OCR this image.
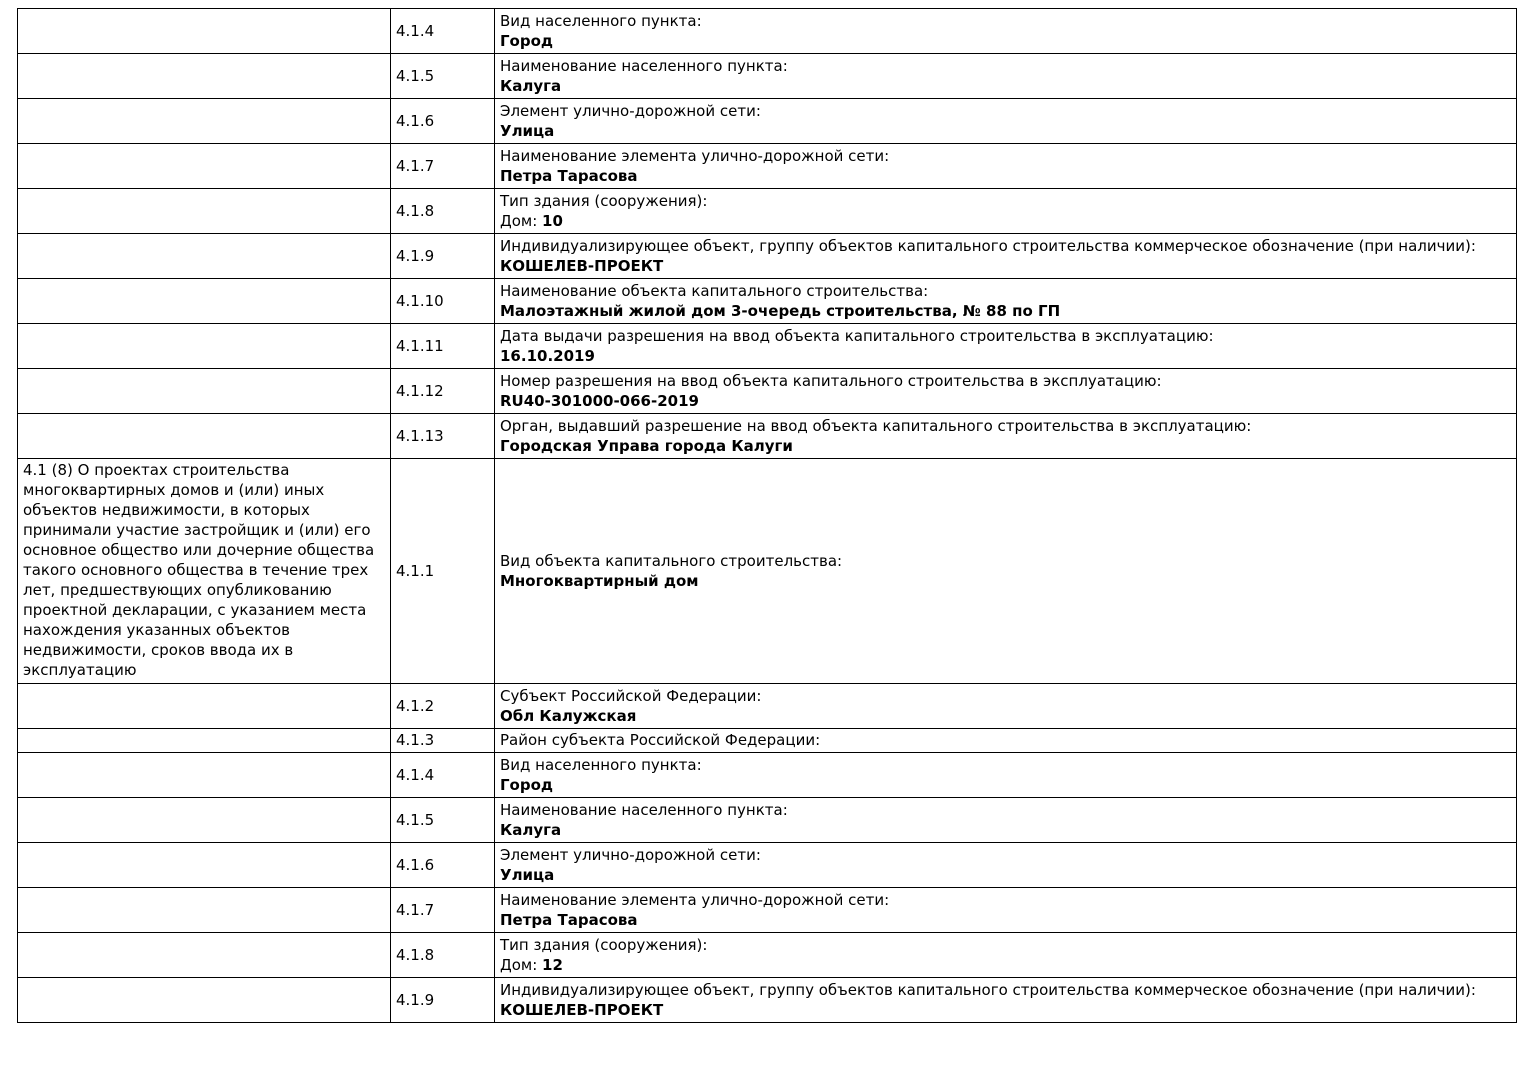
	4.1.4	Вид населенного пункта:
Город

	4.1.5	Наименование населенного пункта:
Калуга

	4.1.6	Элемент улично-дорожной сети:
Улица

	4.1.7	Наименование элемента улично-дорожной сети:
Петра Тарасова

	4.1.8	Тип здания (сооружения):
Дом: 10

	4.1.9	Индивидуализирующее объект, группу объектов капитального строительства коммерческое обозначение (при наличии):
КОШЕЛЕВ-ПРОЕКТ

	4.1.10	Наименование объекта капитального строительства:
Малоэтажный жилой дом 3-очередь строительства, № 88 по ГП

	4.1.11	Дата выдачи разрешения на ввод объекта капитального строительства в эксплуатацию:
16.10.2019

	4.1.12	Номер разрешения на ввод объекта капитального строительства в эксплуатацию:
RU40-301000-066-2019

	4.1.13	Орган, выдавший разрешение на ввод объекта капитального строительства в эксплуатацию:
Городская Управа города Калуги

4.1 (8) О проектах строительства многоквартирных домов и (или) иных объектов недвижимости, в которых принимали участие застройщик и (или) его основное общество или дочерние общества такого основного общества в течение трех лет, предшествующих опубликованию проектной декларации, с указанием места нахождения указанных объектов недвижимости, сроков ввода их в эксплуатацию	4.1.1	Вид объекта капитального строительства:
Многоквартирный дом

	4.1.2	Субъект Российской Федерации:
Обл Калужская

	4.1.3	Район субъекта Российской Федерации:

	4.1.4	Вид населенного пункта:
Город

	4.1.5	Наименование населенного пункта:
Калуга

	4.1.6	Элемент улично-дорожной сети:
Улица

	4.1.7	Наименование элемента улично-дорожной сети:
Петра Тарасова

	4.1.8	Тип здания (сооружения):
Дом: 12

	4.1.9	Индивидуализирующее объект, группу объектов капитального строительства коммерческое обозначение (при наличии):
КОШЕЛЕВ-ПРОЕКТ
